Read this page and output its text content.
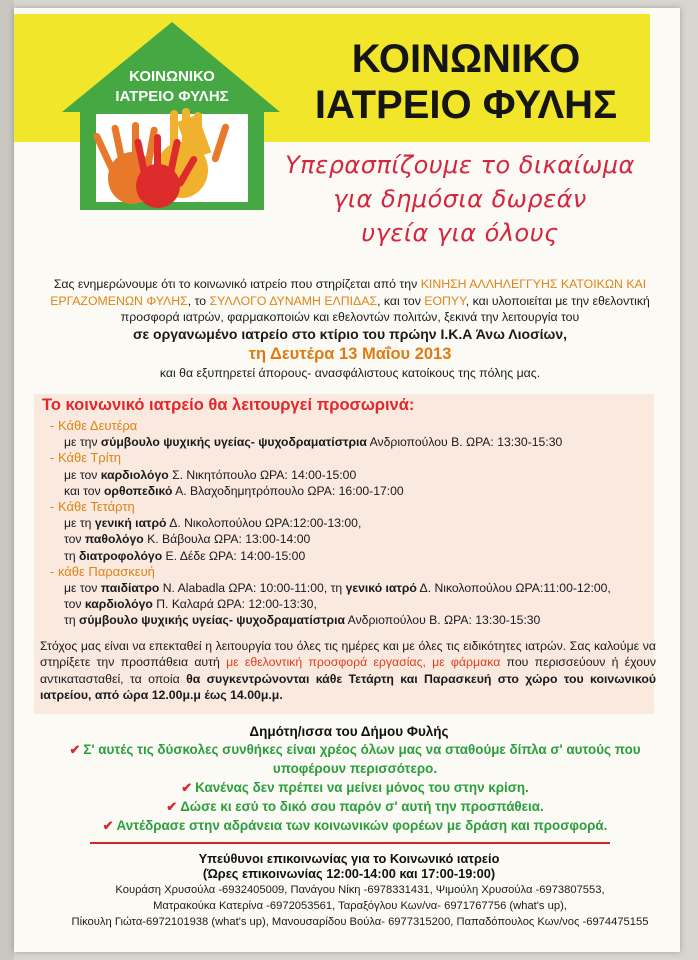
ΚΟΙΝΩΝΙΚΟ
ΙΑΤΡΕΙΟ ΦΥΛΗΣ
ΚΟΙΝΩΝΙΚΟ
ΙΑΤΡΕΙΟ ΦΥΛΗΣ
Υπερασπίζουμε το δικαίωμα
για δημόσια δωρεάν
υγεία για όλους
Σας ενημερώνουμε ότι το κοινωνικό ιατρείο που στηρίζεται από την ΚΙΝΗΣΗ ΑΛΛΗΛΕΓΓΥΗΣ ΚΑΤΟΙΚΩΝ ΚΑΙ ΕΡΓΑΖΟΜΕΝΩΝ ΦΥΛΗΣ, το ΣΥΛΛΟΓΟ ΔΥΝΑΜΗ ΕΛΠΙΔΑΣ, και τον ΕΟΠΥΥ, και υλοποιείται με την εθελοντική προσφορά ιατρών, φαρμακοποιών και εθελοντών πολιτών, ξεκινά την λειτουργία του
σε οργανωμένο ιατρείο στο κτίριο του πρώην Ι.Κ.Α Άνω Λιοσίων,
τη Δευτέρα 13 Μαΐου 2013
και θα εξυπηρετεί άπορους- ανασφάλιστους κατοίκους της πόλης μας.
Το κοινωνικό ιατρείο θα λειτουργεί προσωρινά:
- Κάθε Δευτέρα
με την σύμβουλο ψυχικής υγείας- ψυχοδραματίστρια Ανδριοπούλου Β. ΩΡΑ: 13:30-15:30
- Κάθε Τρίτη
με τον καρδιολόγο Σ. Νικητόπουλο ΩΡΑ: 14:00-15:00
και τον ορθοπεδικό Α. Βλαχοδημητρόπουλο ΩΡΑ: 16:00-17:00
- Κάθε Τετάρτη
με τη γενική ιατρό Δ. Νικολοπούλου ΩΡΑ:12:00-13:00,
τον παθολόγο Κ. Βάβουλα ΩΡΑ: 13:00-14:00
τη διατροφολόγο Ε. Δέδε ΩΡΑ: 14:00-15:00
- κάθε Παρασκευή
με τον παιδίατρο N. Alabadla ΩΡΑ: 10:00-11:00, τη γενικό ιατρό Δ. Νικολοπούλου ΩΡΑ:11:00-12:00,
τον καρδιολόγο Π. Καλαρά ΩΡΑ: 12:00-13:30,
τη σύμβουλο ψυχικής υγείας- ψυχοδραματίστρια Ανδριοπούλου Β. ΩΡΑ: 13:30-15:30
Στόχος μας είναι να επεκταθεί η λειτουργία του όλες τις ημέρες και με όλες τις ειδικότητες ιατρών. Σας καλούμε να στηρίξετε την προσπάθεια αυτή με εθελοντική προσφορά εργασίας, με φάρμακα που περισσεύουν ή έχουν αντικατασταθεί, τα οποία θα συγκεντρώνονται κάθε Τετάρτη και Παρασκευή στο χώρο του κοινωνικού ιατρείου, από ώρα 12.00μ.μ έως 14.00μ.μ.
Δημότη/ισσα του Δήμου Φυλής
✔ Σ' αυτές τις δύσκολες συνθήκες είναι χρέος όλων μας να σταθούμε δίπλα σ' αυτούς που υποφέρουν περισσότερο.
✔ Κανένας δεν πρέπει να μείνει μόνος του στην κρίση.
✔ Δώσε κι εσύ το δικό σου παρόν σ' αυτή την προσπάθεια.
✔ Αντέδρασε στην αδράνεια των κοινωνικών φορέων με δράση και προσφορά.
Υπεύθυνοι επικοινωνίας για το Κοινωνικό ιατρείο
(Ώρες επικοινωνίας 12:00-14:00 και 17:00-19:00)
Κουράση Χρυσούλα -6932405009, Πανάγου Νίκη -6978331431, Ψιμούλη Χρυσούλα -6973807553,
Ματρακούκα Κατερίνα -6972053561, Ταραξόγλου Κων/να- 6971767756 (what's up),
Πίκουλη Γιώτα-6972101938 (what's up), Μανουσαρίδου Βούλα- 6977315200, Παπαδόπουλος Κων/νος -6974475155
